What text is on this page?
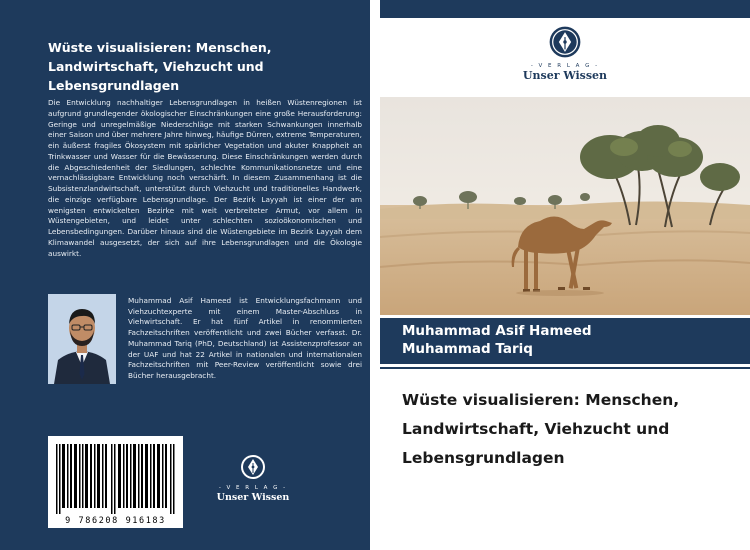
Wüste visualisieren: Menschen, Landwirtschaft, Viehzucht und Lebensgrundlagen
Die Entwicklung nachhaltiger Lebensgrundlagen in heißen Wüstenregionen ist aufgrund grundlegender ökologischer Einschränkungen eine große Herausforderung: Geringe und unregelmäßige Niederschläge mit starken Schwankungen innerhalb einer Saison und über mehrere Jahre hinweg, häufige Dürren, extreme Temperaturen, ein äußerst fragiles Ökosystem mit spärlicher Vegetation und akuter Knappheit an Trinkwasser und Wasser für die Bewässerung. Diese Einschränkungen werden durch die Abgeschiedenheit der Siedlungen, schlechte Kommunikationsnetze und eine vernachlässigbare Entwicklung noch verschärft. In diesem Zusammenhang ist die Subsistenzlandwirtschaft, unterstützt durch Viehzucht und traditionelles Handwerk, die einzige verfügbare Lebensgrundlage. Der Bezirk Layyah ist einer der am wenigsten entwickelten Bezirke mit weit verbreiteter Armut, vor allem in Wüstengebieten, und leidet unter schlechten sozioökonomischen und Lebensbedingungen. Darüber hinaus sind die Wüstengebiete im Bezirk Layyah dem Klimawandel ausgesetzt, der sich auf ihre Lebensgrundlagen und die Ökologie auswirkt.
Muhammad Asif Hameed ist Entwicklungsfachmann und Viehzuchtexperte mit einem Master-Abschluss in Viehwirtschaft. Er hat fünf Artikel in renommierten Fachzeitschriften veröffentlicht und zwei Bücher verfasst. Dr. Muhammad Tariq (PhD, Deutschland) ist Assistenzprofessor an der UAF und hat 22 Artikel in nationalen und internationalen Fachzeitschriften mit Peer-Review veröffentlicht sowie drei Bücher herausgebracht.
9 786208 916183
- V E R L A G -
Unser Wissen
- V E R L A G -
Unser Wissen
Muhammad Asif Hameed
Muhammad Tariq
Wüste visualisieren: Menschen, Landwirtschaft, Viehzucht und Lebensgrundlagen
